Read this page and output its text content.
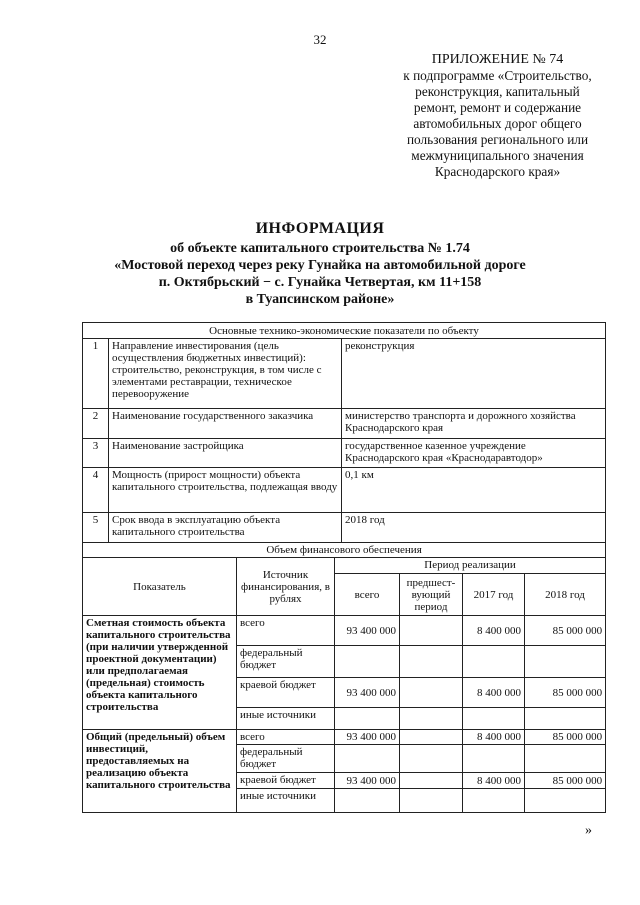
32
ПРИЛОЖЕНИЕ № 74
к подпрограмме «Строительство,
реконструкция, капитальный
ремонт, ремонт и содержание
автомобильных дорог общего
пользования регионального или
межмуниципального значения
Краснодарского края»
ИНФОРМАЦИЯ
об объекте капитального строительства № 1.74
«Мостовой переход через реку Гунайка на автомобильной дороге
п. Октябрьский − с. Гунайка Четвертая, км 11+158
в Туапсинском районе»
Основные технико-экономические показатели по объекту		
1	Направление инвестирования (цель осуществления бюджетных инвестиций): строительство, реконструкция, в том числе с элементами реставрации, техническое перевооружение	реконструкция
2	Наименование государственного заказчика	министерство транспорта и дорожного хозяйства Краснодарского края
3	Наименование застройщика	государственное казенное учреждение Краснодарского края «Краснодаравтодор»
4	Мощность (прирост мощности) объекта капитального строительства, подлежащая вводу	0,1 км
5	Срок ввода в эксплуатацию объекта капитального строительства	2018 год
Объем финансового обеспечения					
Показатель	Источник финансирования, в рублях	Период реализации			
		всего	предшест-вующий период	2017 год	2018 год
Сметная стоимость объекта капитального строительства (при наличии утвержденной проектной документации) или предполагаемая (предельная) стоимость объекта капитального строительства	всего	93 400 000		8 400 000	85 000 000
	федеральный бюджет				
	краевой бюджет	93 400 000		8 400 000	85 000 000
	иные источники				
Общий (предельный) объем инвестиций, предоставляемых на реализацию объекта капитального строительства	всего	93 400 000		8 400 000	85 000 000
	федеральный бюджет				
	краевой бюджет	93 400 000		8 400 000	85 000 000
	иные источники				
»
